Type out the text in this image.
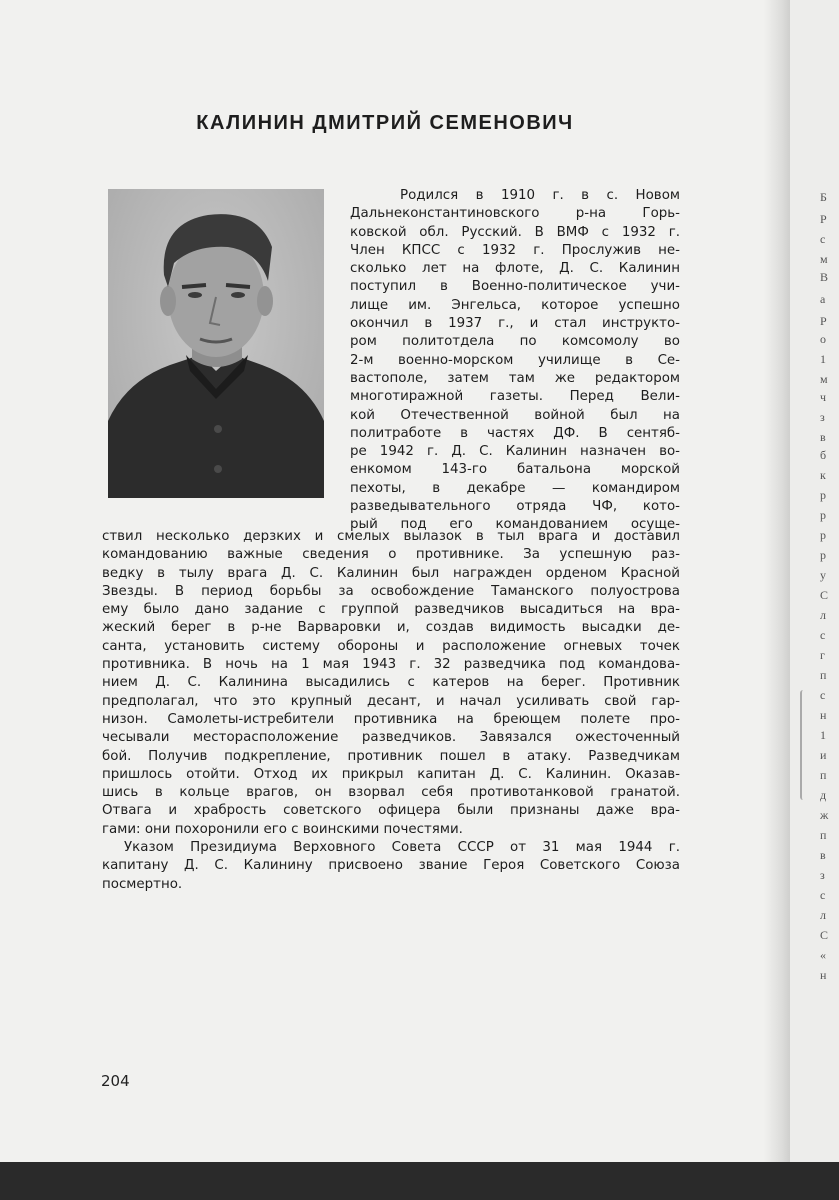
КАЛИНИН ДМИТРИЙ СЕМЕНОВИЧ
Родился в 1910 г. в с. Новом
Дальнеконстантиновского р-на Горь-
ковской обл. Русский. В ВМФ с 1932 г.
Член КПСС с 1932 г. Прослужив не-
сколько лет на флоте, Д. С. Калинин
поступил в Военно-политическое учи-
лище им. Энгельса, которое успешно
окончил в 1937 г., и стал инструкто-
ром политотдела по комсомолу во
2-м военно-морском училище в Се-
вастополе, затем там же редактором
многотиражной газеты. Перед Вели-
кой Отечественной войной был на
политработе в частях ДФ. В сентяб-
ре 1942 г. Д. С. Калинин назначен во-
енкомом 143-го батальона морской
пехоты, в декабре — командиром
разведывательного отряда ЧФ, кото-
рый под его командованием осуще-
ствил несколько дерзких и смелых вылазок в тыл врага и доставил
командованию важные сведения о противнике. За успешную раз-
ведку в тылу врага Д. С. Калинин был награжден орденом Красной
Звезды. В период борьбы за освобождение Таманского полуострова
ему было дано задание с группой разведчиков высадиться на вра-
жеский берег в р-не Варваровки и, создав видимость высадки де-
санта, установить систему обороны и расположение огневых точек
противника. В ночь на 1 мая 1943 г. 32 разведчика под командова-
нием Д. С. Калинина высадились с катеров на берег. Противник
предполагал, что это крупный десант, и начал усиливать свой гар-
низон. Самолеты-истребители противника на бреющем полете про-
чесывали месторасположение разведчиков. Завязался ожесточенный
бой. Получив подкрепление, противник пошел в атаку. Разведчикам
пришлось отойти. Отход их прикрыл капитан Д. С. Калинин. Оказав-
шись в кольце врагов, он взорвал себя противотанковой гранатой.
Отвага и храбрость советского офицера были признаны даже вра-
гами: они похоронили его с воинскими почестями.
Указом Президиума Верховного Совета СССР от 31 мая 1944 г.
капитану Д. С. Калинину присвоено звание Героя Советского Союза
посмертно.
204
Б
Р
с
м
В
а
Р
о
1
м
ч
з
в
б
к
р
р
р
р
у
С
л
с
г
п
с
н
1
и
п
д
ж
п
в
з
с
л
С
«
н
